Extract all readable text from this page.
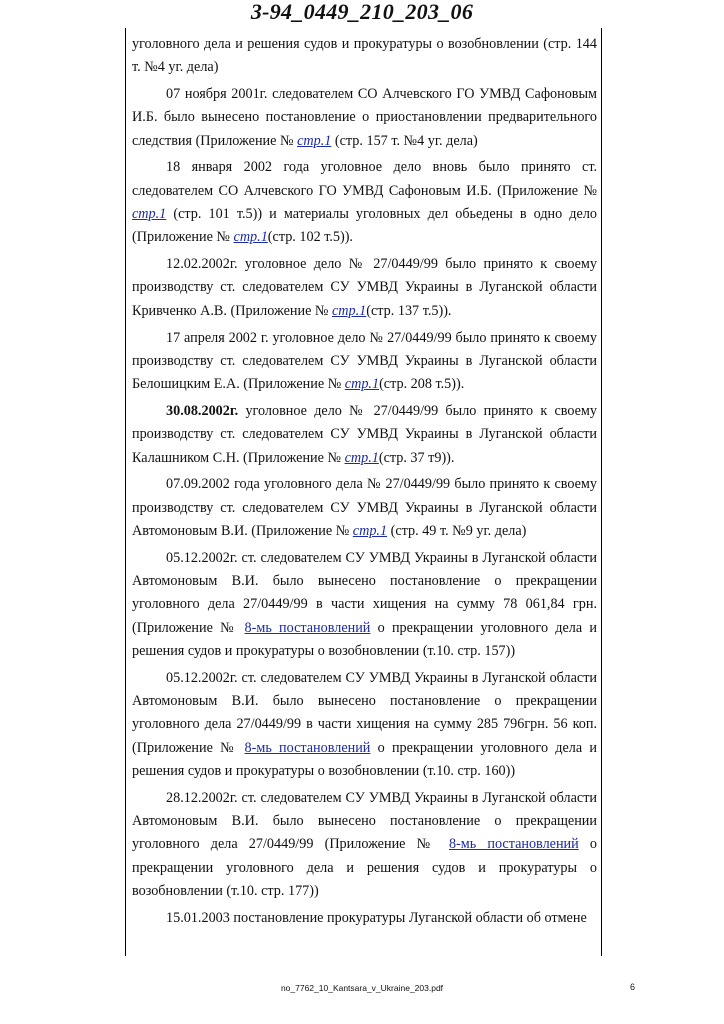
3-94_0449_210_203_06

уголовного дела и решения судов и прокуратуры о возобновлении (стр. 144 т. №4 уг. дела)

07 ноября 2001г. следователем СО Алчевского ГО УМВД Сафоновым И.Б. было вынесено постановление о приостановлении предварительного следствия (Приложение № стр.1 (стр. 157 т. №4 уг. дела)

18 января 2002 года уголовное дело вновь было принято ст. следователем СО Алчевского ГО УМВД Сафоновым И.Б. (Приложение № стр.1 (стр. 101 т.5)) и материалы уголовных дел обьедены в одно дело (Приложение № стр.1(стр. 102 т.5)).

12.02.2002г. уголовное дело № 27/0449/99 было принято к своему производству ст. следователем СУ УМВД Украины в Луганской области Кривченко А.В. (Приложение № стр.1(стр. 137 т.5)).

17 апреля 2002 г. уголовное дело № 27/0449/99 было принято к своему производству ст. следователем СУ УМВД Украины в Луганской области Белошицким Е.А. (Приложение № стр.1(стр. 208 т.5)).

30.08.2002г. уголовное дело № 27/0449/99 было принято к своему производству ст. следователем СУ УМВД Украины в Луганской области Калашником С.Н. (Приложение № стр.1(стр. 37 т9)).

07.09.2002 года уголовного дела № 27/0449/99 было принято к своему производству ст. следователем СУ УМВД Украины в Луганской области Автомоновым В.И. (Приложение № стр.1 (стр. 49 т. №9 уг. дела)

05.12.2002г. ст. следователем СУ УМВД Украины в Луганской области Автомоновым В.И. было вынесено постановление о прекращении уголовного дела 27/0449/99 в части хищения на сумму 78 061,84 грн. (Приложение № 8-мь постановлений о прекращении уголовного дела и решения судов и прокуратуры о возобновлении (т.10. стр. 157))

05.12.2002г. ст. следователем СУ УМВД Украины в Луганской области Автомоновым В.И. было вынесено постановление о прекращении уголовного дела 27/0449/99 в части хищения на сумму 285 796грн. 56 коп. (Приложение № 8-мь постановлений о прекращении уголовного дела и решения судов и прокуратуры о возобновлении (т.10. стр. 160))

28.12.2002г. ст. следователем СУ УМВД Украины в Луганской области Автомоновым В.И. было вынесено постановление о прекращении уголовного дела 27/0449/99 (Приложение № 8-мь постановлений о прекращении уголовного дела и решения судов и прокуратуры о возобновлении (т.10. стр. 177))

15.01.2003 постановление прокуратуры Луганской области об отмене

no_7762_10_Kantsara_v_Ukraine_203.pdf	6
